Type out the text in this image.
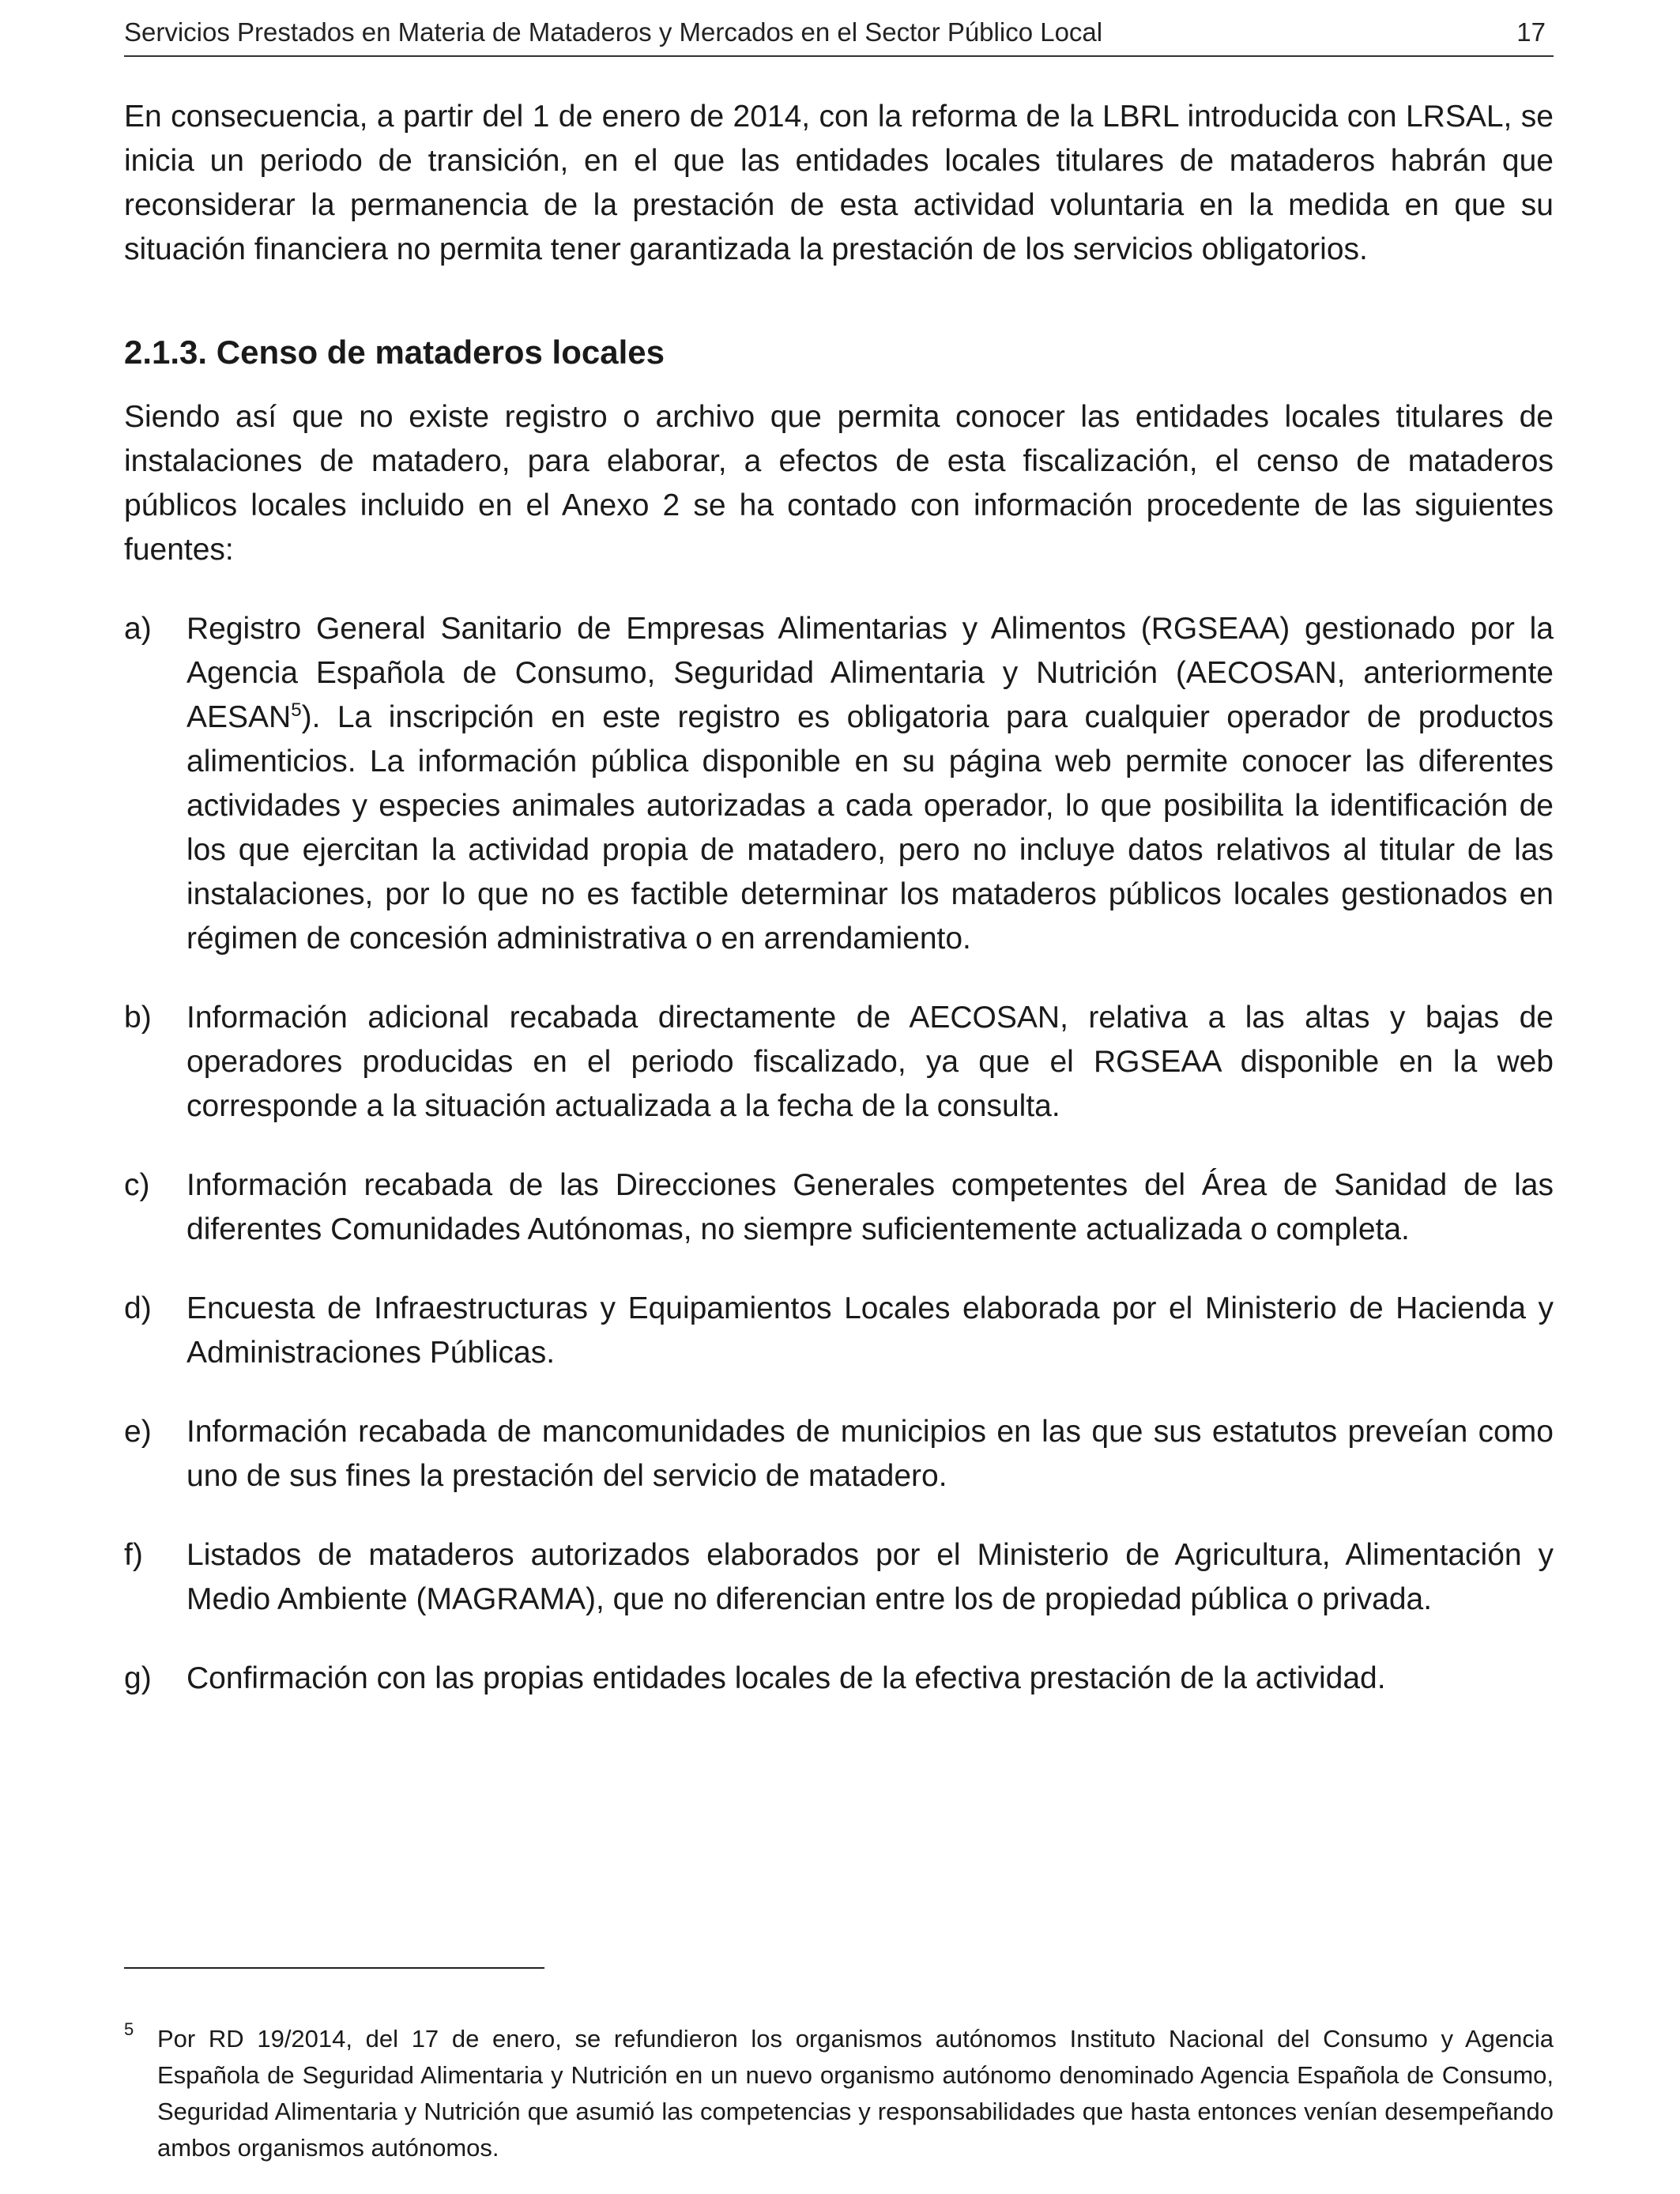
Servicios Prestados en Materia de Mataderos y Mercados en el Sector Público Local	17

En consecuencia, a partir del 1 de enero de 2014, con la reforma de la LBRL introducida con LRSAL, se inicia un periodo de transición, en el que las entidades locales titulares de mataderos habrán que reconsiderar la permanencia de la prestación de esta actividad voluntaria en la medida en que su situación financiera no permita tener garantizada la prestación de los servicios obligatorios.

2.1.3. Censo de mataderos locales

Siendo así que no existe registro o archivo que permita conocer las entidades locales titulares de instalaciones de matadero, para elaborar, a efectos de esta fiscalización, el censo de mataderos públicos locales incluido en el Anexo 2 se ha contado con información procedente de las siguientes fuentes:

a) Registro General Sanitario de Empresas Alimentarias y Alimentos (RGSEAA) gestionado por la Agencia Española de Consumo, Seguridad Alimentaria y Nutrición (AECOSAN, anteriormente AESAN$^5$). La inscripción en este registro es obligatoria para cualquier operador de productos alimenticios. La información pública disponible en su página web permite conocer las diferentes actividades y especies animales autorizadas a cada operador, lo que posibilita la identificación de los que ejercitan la actividad propia de matadero, pero no incluye datos relativos al titular de las instalaciones, por lo que no es factible determinar los mataderos públicos locales gestionados en régimen de concesión administrativa o en arrendamiento.

b) Información adicional recabada directamente de AECOSAN, relativa a las altas y bajas de operadores producidas en el periodo fiscalizado, ya que el RGSEAA disponible en la web corresponde a la situación actualizada a la fecha de la consulta.

c) Información recabada de las Direcciones Generales competentes del Área de Sanidad de las diferentes Comunidades Autónomas, no siempre suficientemente actualizada o completa.

d) Encuesta de Infraestructuras y Equipamientos Locales elaborada por el Ministerio de Hacienda y Administraciones Públicas.

e) Información recabada de mancomunidades de municipios en las que sus estatutos preveían como uno de sus fines la prestación del servicio de matadero.

f) Listados de mataderos autorizados elaborados por el Ministerio de Agricultura, Alimentación y Medio Ambiente (MAGRAMA), que no diferencian entre los de propiedad pública o privada.

g) Confirmación con las propias entidades locales de la efectiva prestación de la actividad.

5 Por RD 19/2014, del 17 de enero, se refundieron los organismos autónomos Instituto Nacional del Consumo y Agencia Española de Seguridad Alimentaria y Nutrición en un nuevo organismo autónomo denominado Agencia Española de Consumo, Seguridad Alimentaria y Nutrición que asumió las competencias y responsabilidades que hasta entonces venían desempeñando ambos organismos autónomos.
